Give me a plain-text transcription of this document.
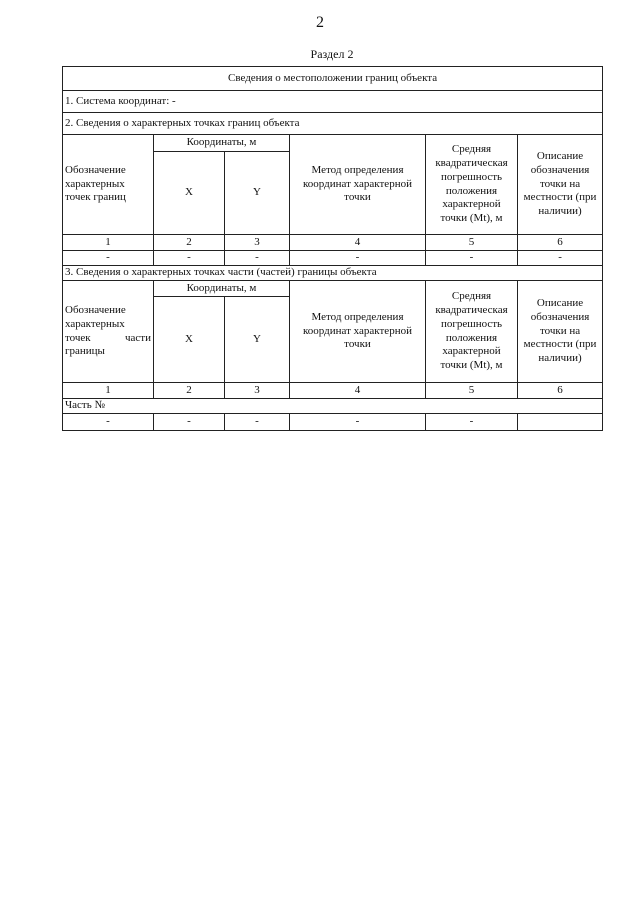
2
Раздел 2
Сведения о местоположении границ объекта					
1. Система координат: -					
2. Сведения о характерных точках границ объекта					
Обозначение характерных точек границ	Координаты, м		Метод определения координат характерной точки	Средняя квадратическая погрешность положения характерной точки (Mt), м	Описание обозначения точки на местности (при наличии)
	X	Y			
1	2	3	4	5	6
-	-	-	-	-	-
3. Сведения о характерных точках части (частей) границы объекта					
Обозначение характерных точек части границы	Координаты, м		Метод определения координат характерной точки	Средняя квадратическая погрешность положения характерной точки (Mt), м	Описание обозначения точки на местности (при наличии)
	X	Y			
1	2	3	4	5	6
Часть №					
-	-	-	-	-	
